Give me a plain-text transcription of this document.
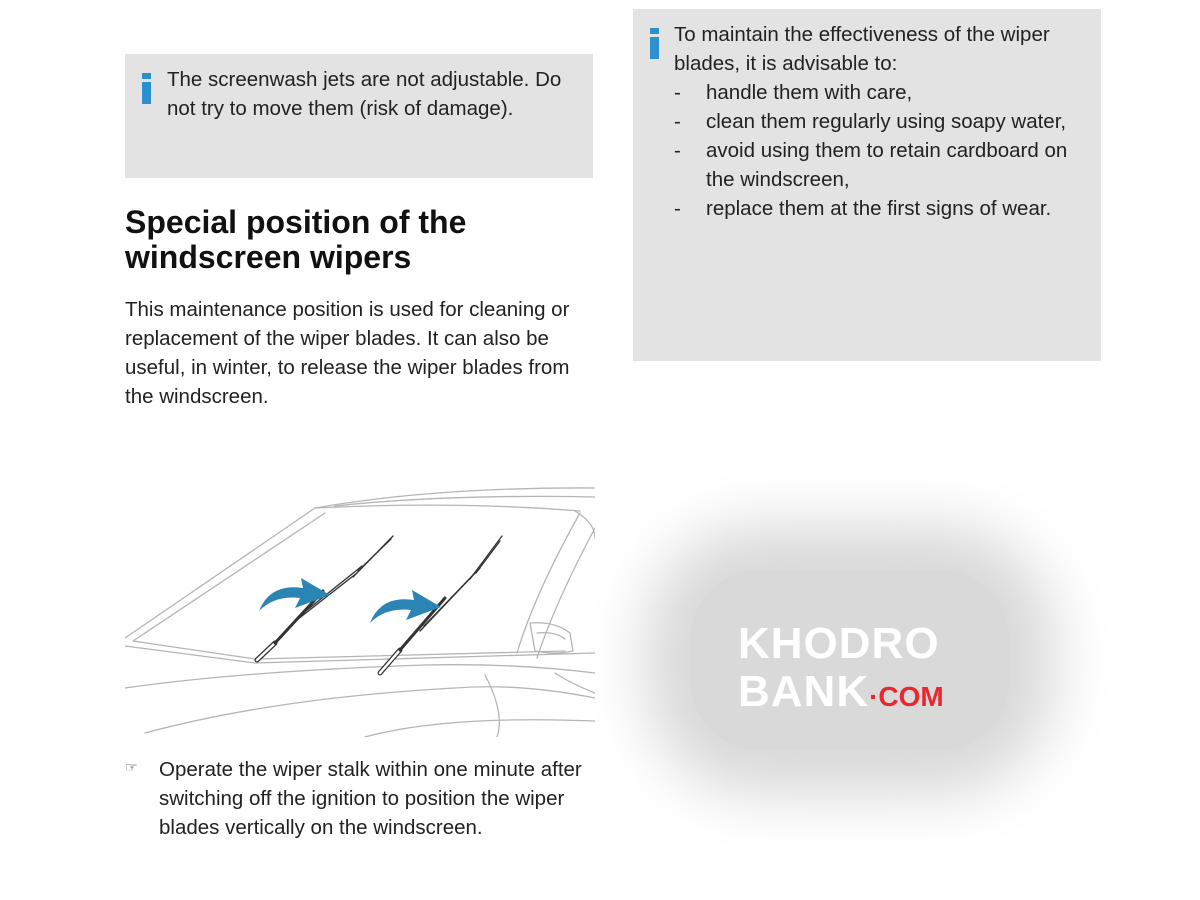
The screenwash jets are not adjustable. Do not try to move them (risk of damage).
To maintain the effectiveness of the wiper blades, it is advisable to:
- handle them with care,
- clean them regularly using soapy water,
- avoid using them to retain cardboard on the windscreen,
- replace them at the first signs of wear.
Special position of the windscreen wipers

This maintenance position is used for cleaning or replacement of the wiper blades. It can also be useful, in winter, to release the wiper blades from the windscreen.

☞ Operate the wiper stalk within one minute after switching off the ignition to position the wiper blades vertically on the windscreen.
KHODRO
BANK·COM
